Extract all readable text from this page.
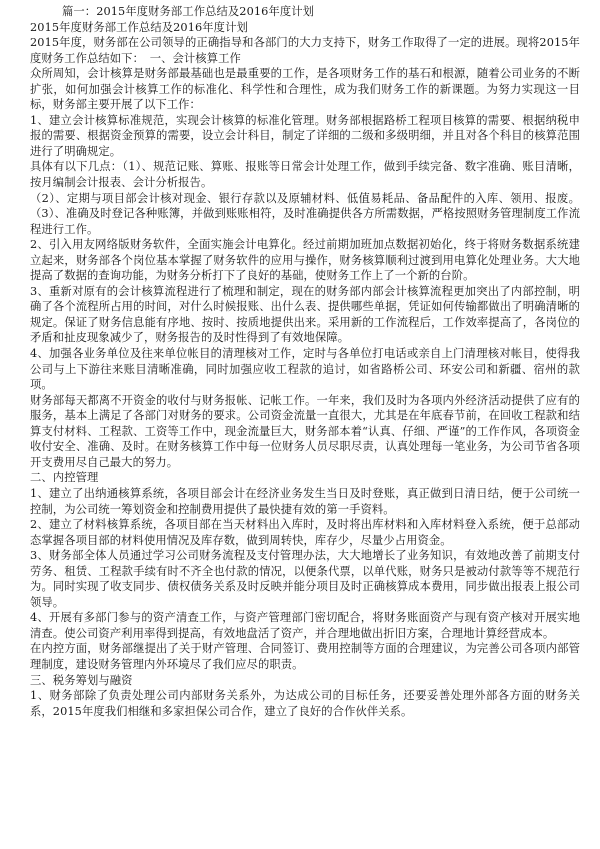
篇一：2015年度财务部工作总结及2016年度计划

2015年度财务部工作总结及2016年度计划

2015年度，财务部在公司领导的正确指导和各部门的大力支持下，财务工作取得了一定的进展。现将2015年度财务工作总结如下：　一、会计核算工作

众所周知，会计核算是财务部最基础也是最重要的工作，是各项财务工作的基石和根源，随着公司业务的不断扩张，如何加强会计核算工作的标准化、科学性和合理性，成为我们财务工作的新课题。为努力实现这一目标，财务部主要开展了以下工作：

1、建立会计核算标准规范，实现会计核算的标准化管理。财务部根据路桥工程项目核算的需要、根据纳税申报的需要、根据资金预算的需要，设立会计科目，制定了详细的二级和多级明细，并且对各个科目的核算范围进行了明确规定。

具体有以下几点：（1）、规范记账、算账、报账等日常会计处理工作，做到手续完备、数字准确、账目清晰，按月编制会计报表、会计分析报告。

（2）、定期与项目部会计核对现金、银行存款以及原辅材料、低值易耗品、备品配件的入库、领用、报废。（3）、准确及时登记各种账簿，并做到账账相符，及时准确提供各方所需数据，严格按照财务管理制度工作流程进行工作。

2、引入用友网络版财务软件，全面实施会计电算化。经过前期加班加点数据初始化，终于将财务数据系统建立起来，财务部各个岗位基本掌握了财务软件的应用与操作，财务核算顺利过渡到用电算化处理业务。大大地提高了数据的查询功能，为财务分析打下了良好的基础，使财务工作上了一个新的台阶。

3、重新对原有的会计核算流程进行了梳理和制定，现在的财务部内部会计核算流程更加突出了内部控制，明确了各个流程所占用的时间，对什么时候报账、出什么表、提供哪些单据，凭证如何传输都做出了明确清晰的规定。保证了财务信息能有序地、按时、按质地提供出来。采用新的工作流程后，工作效率提高了，各岗位的矛盾和扯皮现象减少了，财务报告的及时性得到了有效地保障。

4、加强各业务单位及往来单位帐目的清理核对工作，定时与各单位打电话或亲自上门清理核对帐目，使得我公司与上下游往来账目清晰准确，同时加强应收工程款的追讨，如省路桥公司、环安公司和新疆、宿州的款项。

财务部每天都离不开资金的收付与财务报帐、记帐工作。一年来，我们及时为各项内外经济活动提供了应有的服务，基本上满足了各部门对财务的要求。公司资金流量一直很大，尤其是在年底春节前，在回收工程款和结算支付材料、工程款、工资等工作中，现金流量巨大，财务部本着“认真、仔细、严谨”的工作作风，各项资金收付安全、准确、及时。在财务核算工作中每一位财务人员尽职尽责，认真处理每一笔业务，为公司节省各项开支费用尽自己最大的努力。

二、内控管理

1、建立了出纳通核算系统，各项目部会计在经济业务发生当日及时登账，真正做到日清日结，便于公司统一控制，为公司统一筹划资金和控制费用提供了最快捷有效的第一手资料。

2、建立了材料核算系统，各项目部在当天材料出入库时，及时将出库材料和入库材料登入系统，便于总部动态掌握各项目部的材料使用情况及库存数，做到周转快，库存少，尽量少占用资金。

3、财务部全体人员通过学习公司财务流程及支付管理办法，大大地增长了业务知识，有效地改善了前期支付劳务、租赁、工程款手续有时不齐全也付款的情况，以便条代票，以单代账，财务只是被动付款等等不规范行为。同时实现了收支同步、债权债务关系及时反映并能分项目及时正确核算成本费用，同步做出报表上报公司领导。

4、开展有多部门参与的资产清查工作，与资产管理部门密切配合，将财务账面资产与现有资产核对开展实地清查。使公司资产利用率得到提高，有效地盘活了资产，并合理地做出折旧方案，合理地计算经营成本。

在内控方面，财务部继提出了关于财产管理、合同签订、费用控制等方面的合理建议，为完善公司各项内部管理制度，建设财务管理内外环境尽了我们应尽的职责。

三、税务筹划与融资

1、财务部除了负责处理公司内部财务关系外，为达成公司的目标任务，还要妥善处理外部各方面的财务关系，2015年度我们相继和多家担保公司合作，建立了良好的合作伙伴关系。
